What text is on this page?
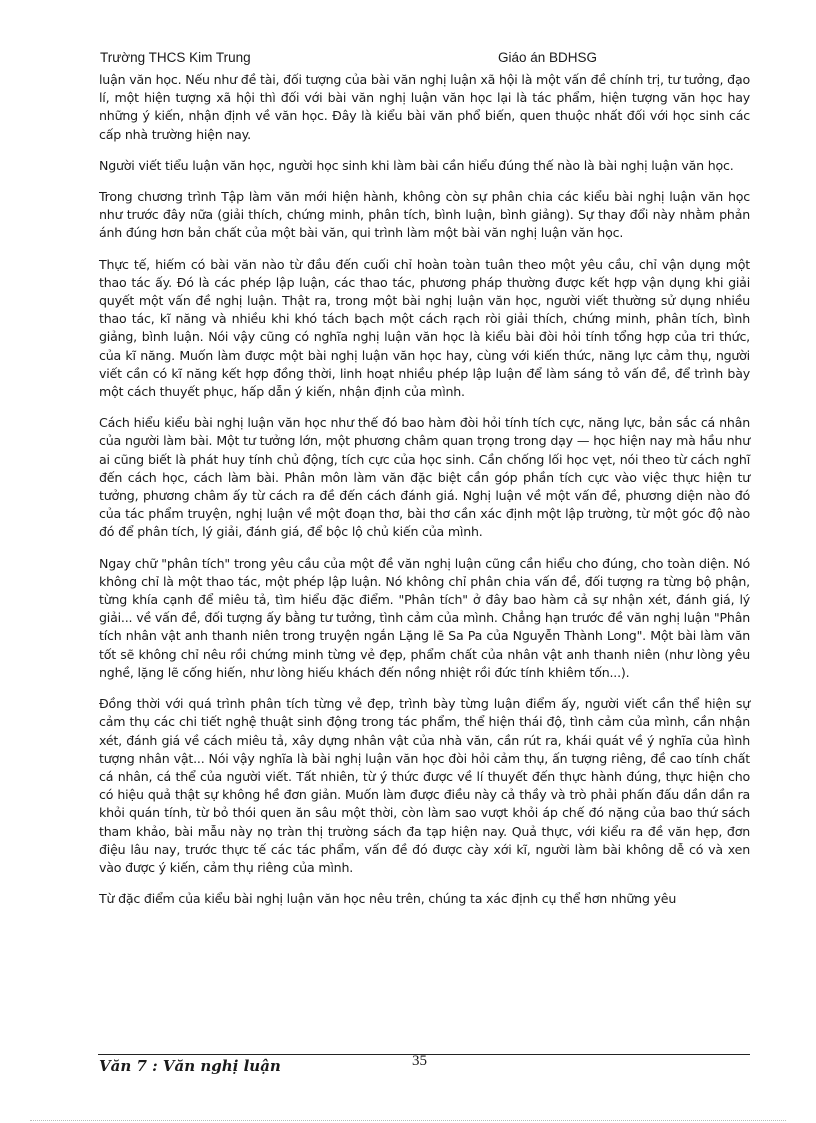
Trường THCS Kim Trung	Giáo án BDHSG

luận văn học. Nếu như đề tài, đối tượng của bài văn nghị luận xã hội là một vấn đề chính trị, tư tưởng, đạo lí, một hiện tượng xã hội thì đối với bài văn nghị luận văn học lại là tác phẩm, hiện tượng văn học hay những ý kiến, nhận định về văn học. Đây là kiểu bài văn phổ biến, quen thuộc nhất đối với học sinh các cấp nhà trường hiện nay.

Người viết tiểu luận văn học, người học sinh khi làm bài cần hiểu đúng thế nào là bài nghị luận văn học.

Trong chương trình Tập làm văn mới hiện hành, không còn sự phân chia các kiểu bài nghị luận văn học như trước đây nữa (giải thích, chứng minh, phân tích, bình luận, bình giảng). Sự thay đổi này nhằm phản ánh đúng hơn bản chất của một bài văn, qui trình làm một bài văn nghị luận văn học.

Thực tế, hiếm có bài văn nào từ đầu đến cuối chỉ hoàn toàn tuân theo một yêu cầu, chỉ vận dụng một thao tác ấy. Đó là các phép lập luận, các thao tác, phương pháp thường được kết hợp vận dụng khi giải quyết một vấn đề nghị luận. Thật ra, trong một bài nghị luận văn học, người viết thường sử dụng nhiều thao tác, kĩ năng và nhiều khi khó tách bạch một cách rạch ròi giải thích, chứng minh, phân tích, bình giảng, bình luận. Nói vậy cũng có nghĩa nghị luận văn học là kiểu bài đòi hỏi tính tổng hợp của tri thức, của kĩ năng. Muốn làm được một bài nghị luận văn học hay, cùng với kiến thức, năng lực cảm thụ, người viết cần có kĩ năng kết hợp đồng thời, linh hoạt nhiều phép lập luận để làm sáng tỏ vấn đề, để trình bày một cách thuyết phục, hấp dẫn ý kiến, nhận định của mình.

Cách hiểu kiểu bài nghị luận văn học như thế đó bao hàm đòi hỏi tính tích cực, năng lực, bản sắc cá nhân của người làm bài. Một tư tưởng lớn, một phương châm quan trọng trong dạy — học hiện nay mà hầu như ai cũng biết là phát huy tính chủ động, tích cực của học sinh. Cần chống lối học vẹt, nói theo từ cách nghĩ đến cách học, cách làm bài. Phân môn làm văn đặc biệt cần góp phần tích cực vào việc thực hiện tư tưởng, phương châm ấy từ cách ra đề đến cách đánh giá. Nghị luận về một vấn đề, phương diện nào đó của tác phẩm truyện, nghị luận về một đoạn thơ, bài thơ cần xác định một lập trường, từ một góc độ nào đó để phân tích, lý giải, đánh giá, để bộc lộ chủ kiến của mình.

Ngay chữ "phân tích" trong yêu cầu của một đề văn nghị luận cũng cần hiểu cho đúng, cho toàn diện. Nó không chỉ là một thao tác, một phép lập luận. Nó không chỉ phân chia vấn đề, đối tượng ra từng bộ phận, từng khía cạnh để miêu tả, tìm hiểu đặc điểm. "Phân tích" ở đây bao hàm cả sự nhận xét, đánh giá, lý giải... về vấn đề, đối tượng ấy bằng tư tưởng, tình cảm của mình. Chẳng hạn trước đề văn nghị luận "Phân tích nhân vật anh thanh niên trong truyện ngắn Lặng lẽ Sa Pa của Nguyễn Thành Long". Một bài làm văn tốt sẽ không chỉ nêu rồi chứng minh từng vẻ đẹp, phẩm chất của nhân vật anh thanh niên (như lòng yêu nghề, lặng lẽ cống hiến, như lòng hiếu khách đến nồng nhiệt rồi đức tính khiêm tốn...).

Đồng thời với quá trình phân tích từng vẻ đẹp, trình bày từng luận điểm ấy, người viết cần thể hiện sự cảm thụ các chi tiết nghệ thuật sinh động trong tác phẩm, thể hiện thái độ, tình cảm của mình, cần nhận xét, đánh giá về cách miêu tả, xây dựng nhân vật của nhà văn, cần rút ra, khái quát về ý nghĩa của hình tượng nhân vật... Nói vậy nghĩa là bài nghị luận văn học đòi hỏi cảm thụ, ấn tượng riêng, đề cao tính chất cá nhân, cá thể của người viết. Tất nhiên, từ ý thức được về lí thuyết đến thực hành đúng, thực hiện cho có hiệu quả thật sự không hề đơn giản. Muốn làm được điều này cả thầy và trò phải phấn đấu dần dần ra khỏi quán tính, từ bỏ thói quen ăn sâu một thời, còn làm sao vượt khỏi áp chế đó nặng của bao thứ sách tham khảo, bài mẫu này nọ tràn thị trường sách đa tạp hiện nay. Quả thực, với kiểu ra đề văn hẹp, đơn điệu lâu nay, trước thực tế các tác phẩm, vấn đề đó được cày xới kĩ, người làm bài không dễ có và xen vào được ý kiến, cảm thụ riêng của mình.

Từ đặc điểm của kiểu bài nghị luận văn học nêu trên, chúng ta xác định cụ thể hơn những yêu

Văn 7 : Văn nghị luận	35
